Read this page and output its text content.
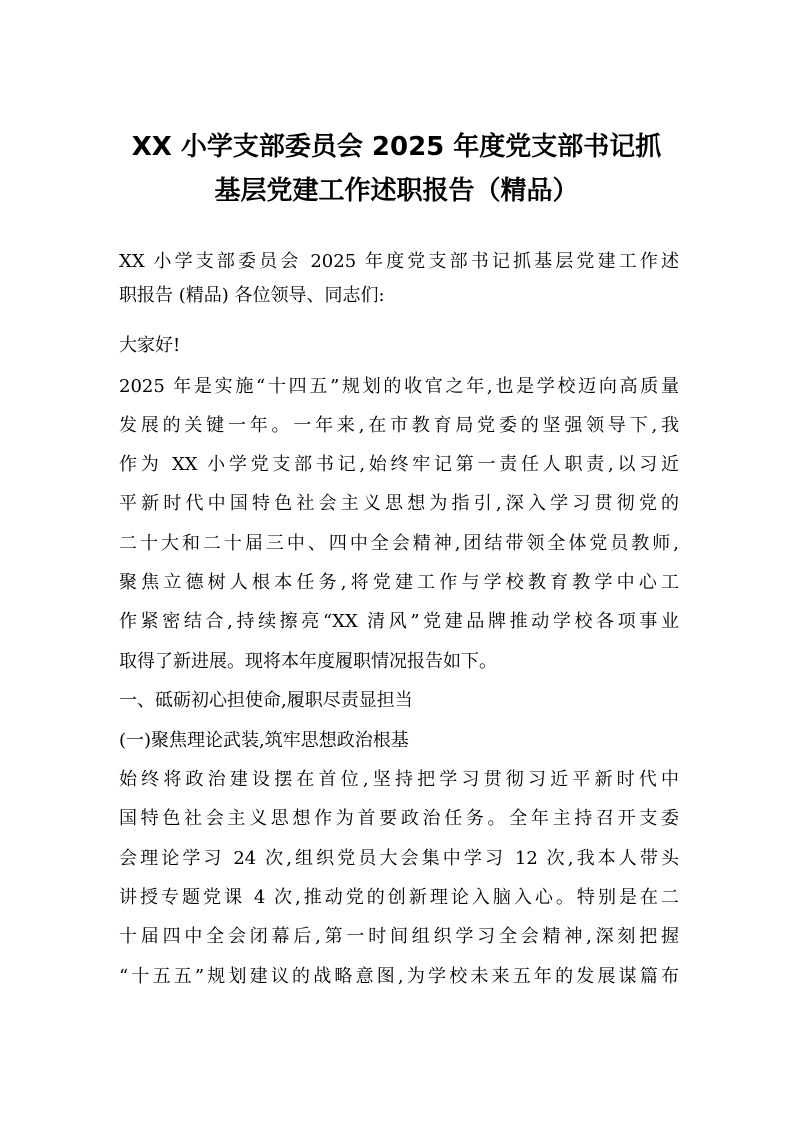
XX 小学支部委员会 2025 年度党支部书记抓
基层党建工作述职报告（精品）
XX 小学支部委员会 2025 年度党支部书记抓基层党建工作述
职报告 (精品) 各位领导、同志们:
大家好!
2025 年是实施“十四五”规划的收官之年,也是学校迈向高质量
发展的关键一年。一年来,在市教育局党委的坚强领导下,我
作为 XX 小学党支部书记,始终牢记第一责任人职责,以习近
平新时代中国特色社会主义思想为指引,深入学习贯彻党的
二十大和二十届三中、四中全会精神,团结带领全体党员教师,
聚焦立德树人根本任务,将党建工作与学校教育教学中心工
作紧密结合,持续擦亮“XX 清风”党建品牌推动学校各项事业
取得了新进展。现将本年度履职情况报告如下。
一、砥砺初心担使命,履职尽责显担当
(一)聚焦理论武装,筑牢思想政治根基
始终将政治建设摆在首位,坚持把学习贯彻习近平新时代中
国特色社会主义思想作为首要政治任务。全年主持召开支委
会理论学习 24 次,组织党员大会集中学习 12 次,我本人带头
讲授专题党课 4 次,推动党的创新理论入脑入心。特别是在二
十届四中全会闭幕后,第一时间组织学习全会精神,深刻把握
“十五五”规划建议的战略意图,为学校未来五年的发展谋篇布
